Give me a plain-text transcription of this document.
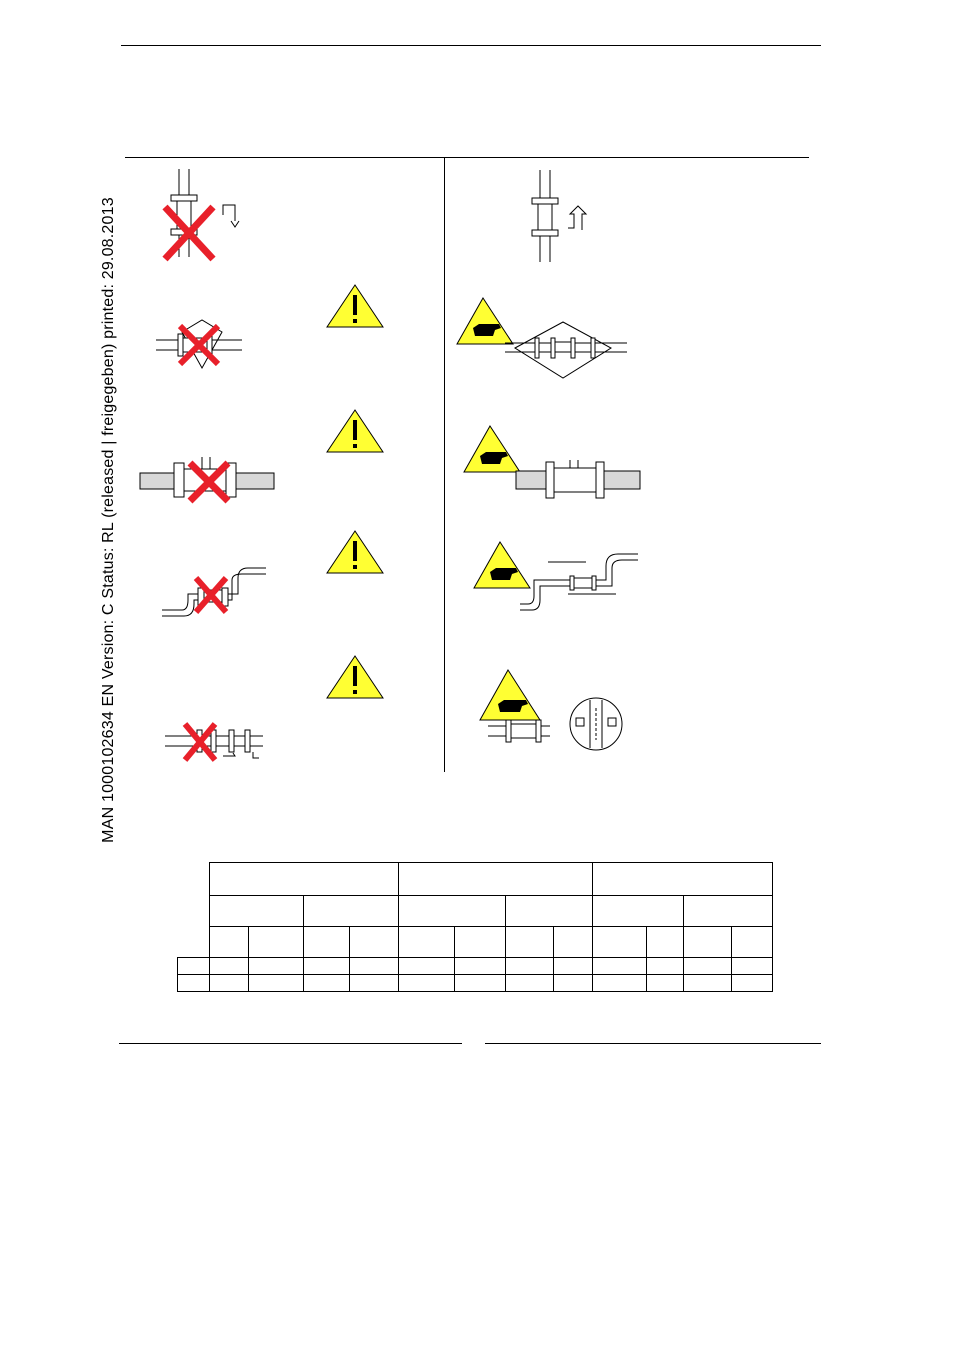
MAN 1000102634 EN Version: C Status: RL (released | freigegeben) printed: 29.08.2013
